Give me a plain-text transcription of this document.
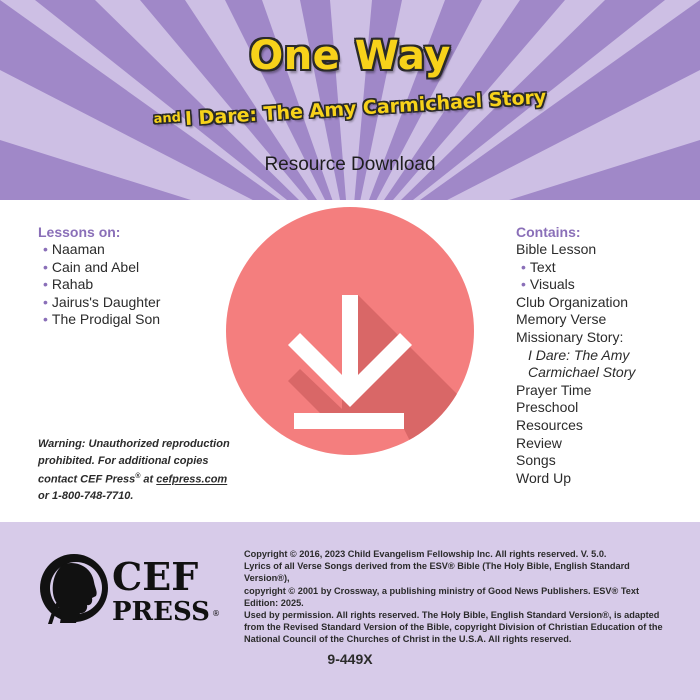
One Way
$^{and}$ I Dare: The Amy Carmichael Story
Resource Download
Lessons on:
• Naaman
• Cain and Abel
• Rahab
• Jairus's Daughter
• The Prodigal Son
Contains:
Bible Lesson
• Text
• Visuals
Club Organization
Memory Verse
Missionary Story:
I Dare: The Amy
Carmichael Story
Prayer Time
Preschool
Resources
Review
Songs
Word Up
Warning: Unauthorized reproduction
prohibited. For additional copies
contact CEF Press® at cefpress.com
or 1-800-748-7710.
CEF
PRESS ®
Copyright © 2016, 2023 Child Evangelism Fellowship Inc. All rights reserved. V. 5.0.
Lyrics of all Verse Songs derived from the ESV® Bible (The Holy Bible, English Standard Version®),
copyright © 2001 by Crossway, a publishing ministry of Good News Publishers. ESV® Text Edition: 2025.
Used by permission. All rights reserved. The Holy Bible, English Standard Version®, is adapted
from the Revised Standard Version of the Bible, copyright Division of Christian Education of the
National Council of the Churches of Christ in the U.S.A. All rights reserved.
9-449X
